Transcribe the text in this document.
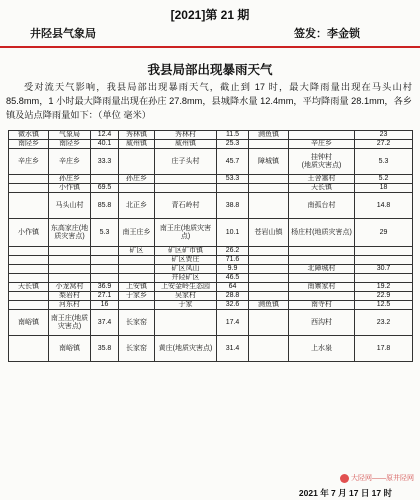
[2021]第 21 期
井陉县气象局	签发：李金锁
我县局部出现暴雨天气
受对流天气影响，我县局部出现暴雨天气，截止到 17 时，最大降雨量出现在马头山村 85.8mm，1 小时最大降雨量出现在孙庄 27.8mm，县城降水量 12.4mm，平均降雨量 28.1mm，各乡镇及站点降雨量如下：（单位 毫米）
微水镇	气象局	12.4	秀林镇	秀林村	11.5	测鱼镇		23
南陉乡	南陉乡	40.1	威州镇	威州镇	25.3		辛庄乡	27.2
辛庄乡	辛庄乡	33.3		庄子头村	45.7	障城镇	挂钟村
(地质灾害点)	5.3
	孙庄乡		孙庄乡		53.3		王舍塞村	5.2
	小作镇	69.5					天长镇	18
	马头山村	85.8	北正乡	青石岭村	38.8		南孤台村	14.8
小作镇	东高家庄(地质灾害点)	5.3	南王庄乡	南王庄(地质灾害点)	10.1	苍岩山镇	杨庄村(地质灾害点)	29
			矿区	矿区矿市镇	26.2			
				矿区贾庄	71.6			
				矿区凤山	9.9		北障城村	30.7
				井陉矿区	46.5			
天长镇	小龙窝村	36.9	上安镇	上安金岭生态园	64		南寨家村	19.2
	梨岩村	27.1	于家乡	吴家村	28.8			22.9
	河东村	16		于家	32.6	测鱼镇	南寺村	12.5
南峪镇	南王庄(地质灾害点)	37.4	长家窑		17.4		西沟村	23.2
	南峪镇	35.8	长家窑	黄庄(地质灾害点)	31.4		上水泉	17.8
大陉网——原井陉网
2021 年 7 月 17 日 17 时
